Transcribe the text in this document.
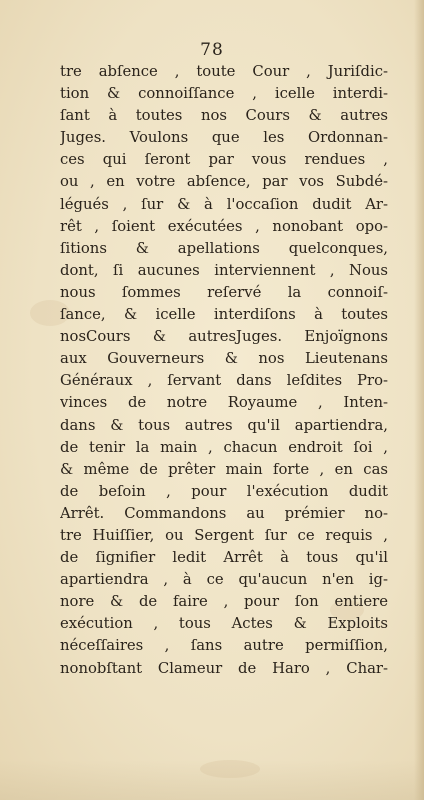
78
tre abſence , toute Cour , Juriſdic-
tion & connoiſſance , icelle interdi-
ſant à toutes nos Cours & autres
Juges. Voulons que les Ordonnan-
ces qui ſeront par vous rendues ,
ou , en votre abſence, par vos Subdé-
légués , ſur & à l'occaſion dudit Ar-
rêt , ſoient exécutées , nonobant opo-
ſitions & apellations quelconques,
dont, ſi aucunes interviennent , Nous
nous ſommes reſervé la connoiſ-
ſance, & icelle interdiſons à toutes
nosCours & autresJuges. Enjoïgnons
aux Gouverneurs & nos Lieutenans
Généraux , ſervant dans leſdites Pro-
vinces de notre Royaume , Inten-
dans & tous autres qu'il apartiendra,
de tenir la main , chacun endroit ſoi ,
& même de prêter main forte , en cas
de beſoin , pour l'exécution dudit
Arrêt. Commandons au prémier no-
tre Huiſſier, ou Sergent ſur ce requis ,
de ſignifier ledit Arrêt à tous qu'il
apartiendra , à ce qu'aucun n'en ig-
nore & de faire , pour ſon entiere
exécution , tous Actes & Exploits
néceſſaires , ſans autre permiſſion,
nonobſtant Clameur de Haro , Char-
